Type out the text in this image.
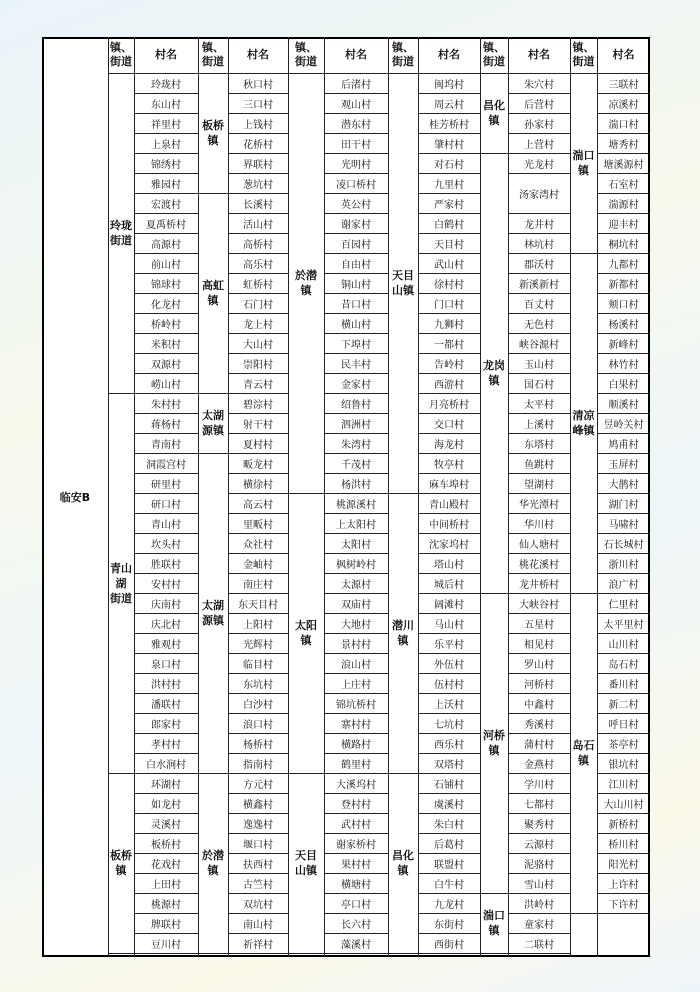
临安 B
镇、
街道
村名
玲珑村
东山村
祥里村
上泉村
锦绣村
雅园村
宏渡村
夏禹桥村
高源村
前山村
锦球村
化龙村
桥岭村
米积村
双源村
崂山村
玲珑
街道
朱村村
蒋杨村
青南村
洞霞宫村
研里村
研口村
青山村
坎头村
胜联村
安村村
庆南村
庆北村
雅观村
泉口村
洪村村
潘联村
郎家村
孝村村
白水涧村
青山湖
街道
环湖村
如龙村
灵溪村
板桥村
花戏村
上田村
桃源村
牌联村
豆川村
板桥
镇
镇、
街道
村名
秋口村
三口村
上钱村
花桥村
界联村
葱坑村
板桥
镇
长溪村
活山村
高桥村
高乐村
虹桥村
石门村
龙上村
大山村
崇阳村
青云村
高虹
镇
碧淙村
射干村
夏村村
太湖
源镇
畈龙村
横徐村
高云村
里畈村
众社村
金岫村
南庄村
东天目村
上阳村
光辉村
临目村
东坑村
白沙村
浪口村
杨桥村
指南村
太湖
源镇
方元村
横鑫村
逸逸村
堰口村
扶西村
古竺村
双坑村
南山村
祈祥村
於潜
镇
镇、
街道
村名
后渚村
观山村
潜东村
田干村
光明村
凌口桥村
英公村
谢家村
百园村
自由村
铜山村
昔口村
横山村
下埠村
民丰村
金家村
绍鲁村
泗洲村
朱湾村
千茂村
杨洪村
於潜
镇
桃源溪村
上太阳村
太阳村
枫树岭村
太源村
双庙村
大地村
景村村
浪山村
上庄村
锦坑桥村
寨村村
横路村
鹤里村
太阳
镇
大溪坞村
登村村
武村村
谢家桥村
果村村
横塘村
亭口村
长六村
藻溪村
天目
山镇
镇、
街道
村名
闽坞村
周云村
桂芳桥村
肇村村
对石村
九里村
严家村
白鹤村
天目村
武山村
徐村村
门口村
九狮村
一都村
告岭村
西游村
月亮桥村
交口村
海龙村
牧亭村
麻车埠村
天目
山镇
青山殿村
中间桥村
沈家坞村
塔山村
城后村
阔滩村
马山村
乐平村
外伍村
伍村村
上沃村
七坑村
西乐村
双塔村
潜川
镇
石铺村
虞溪村
朱白村
后葛村
联盟村
白牛村
九龙村
东街村
西街村
昌化
镇
镇、
街道
村名
朱穴村
后营村
孙家村
上营村
昌化
镇
光龙村
汤家湾村
龙井村
林坑村
郡沃村
新溪新村
百丈村
无色村
峡谷源村
玉山村
国石村
太平村
上溪村
东塔村
鱼跳村
望湖村
华光潭村
华川村
仙人塘村
桃花溪村
龙井桥村
龙岗
镇
大峡谷村
五星村
相见村
罗山村
河桥村
中鑫村
秀溪村
蒲村村
金燕村
学川村
七都村
聚秀村
云源村
泥骆村
雪山村
河桥
镇
洪岭村
童家村
二联村
湍口
镇
镇、
街道
村名
三联村
凉溪村
湍口村
塘秀村
塘溪源村
石室村
湍源村
迎丰村
桐坑村
湍口
镇
九都村
新都村
颊口村
杨溪村
新峰村
林竹村
白果村
顺溪村
昱岭关村
鸠甫村
玉屏村
大鹊村
湖门村
马啸村
石长城村
浙川村
浪广村
清凉
峰镇
仁里村
太平里村
山川村
岛石村
番川村
新二村
呼日村
茶亭村
银坑村
江川村
大山川村
新桥村
桥川村
阳光村
上许村
下许村
岛石
镇
